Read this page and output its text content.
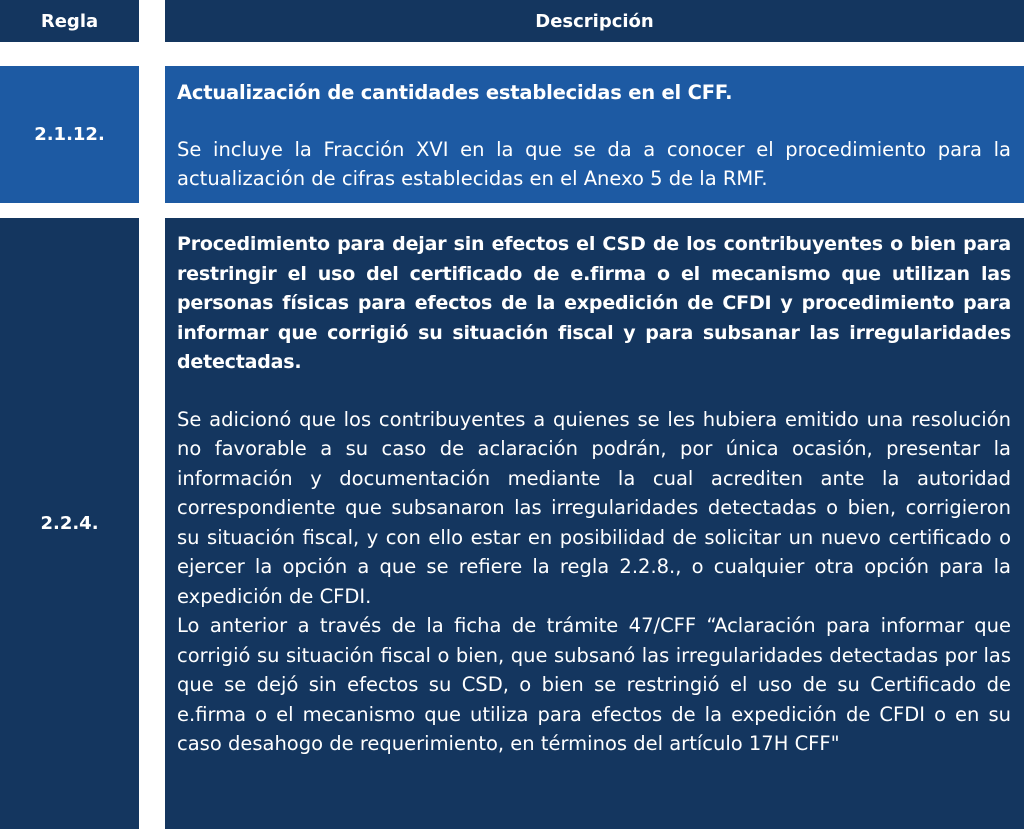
Regla	Descripción
2.1.12.

Actualización de cantidades establecidas en el CFF.

Se incluye la Fracción XVI en la que se da a conocer el procedimiento para la actualización de cifras establecidas en el Anexo 5 de la RMF.

2.2.4.

Procedimiento para dejar sin efectos el CSD de los contribuyentes o bien para restringir el uso del certificado de e.firma o el mecanismo que utilizan las personas físicas para efectos de la expedición de CFDI y procedimiento para informar que corrigió su situación fiscal y para subsanar las irregularidades detectadas.

Se adicionó que los contribuyentes a quienes se les hubiera emitido una resolución no favorable a su caso de aclaración podrán, por única ocasión, presentar la información y documentación mediante la cual acrediten ante la autoridad correspondiente que subsanaron las irregularidades detectadas o bien, corrigieron su situación fiscal, y con ello estar en posibilidad de solicitar un nuevo certificado o ejercer la opción a que se refiere la regla 2.2.8., o cualquier otra opción para la expedición de CFDI.

Lo anterior a través de la ficha de trámite 47/CFF “Aclaración para informar que corrigió su situación fiscal o bien, que subsanó las irregularidades detectadas por las que se dejó sin efectos su CSD, o bien se restringió el uso de su Certificado de e.firma o el mecanismo que utiliza para efectos de la expedición de CFDI o en su caso desahogo de requerimiento, en términos del artículo 17H CFF"
